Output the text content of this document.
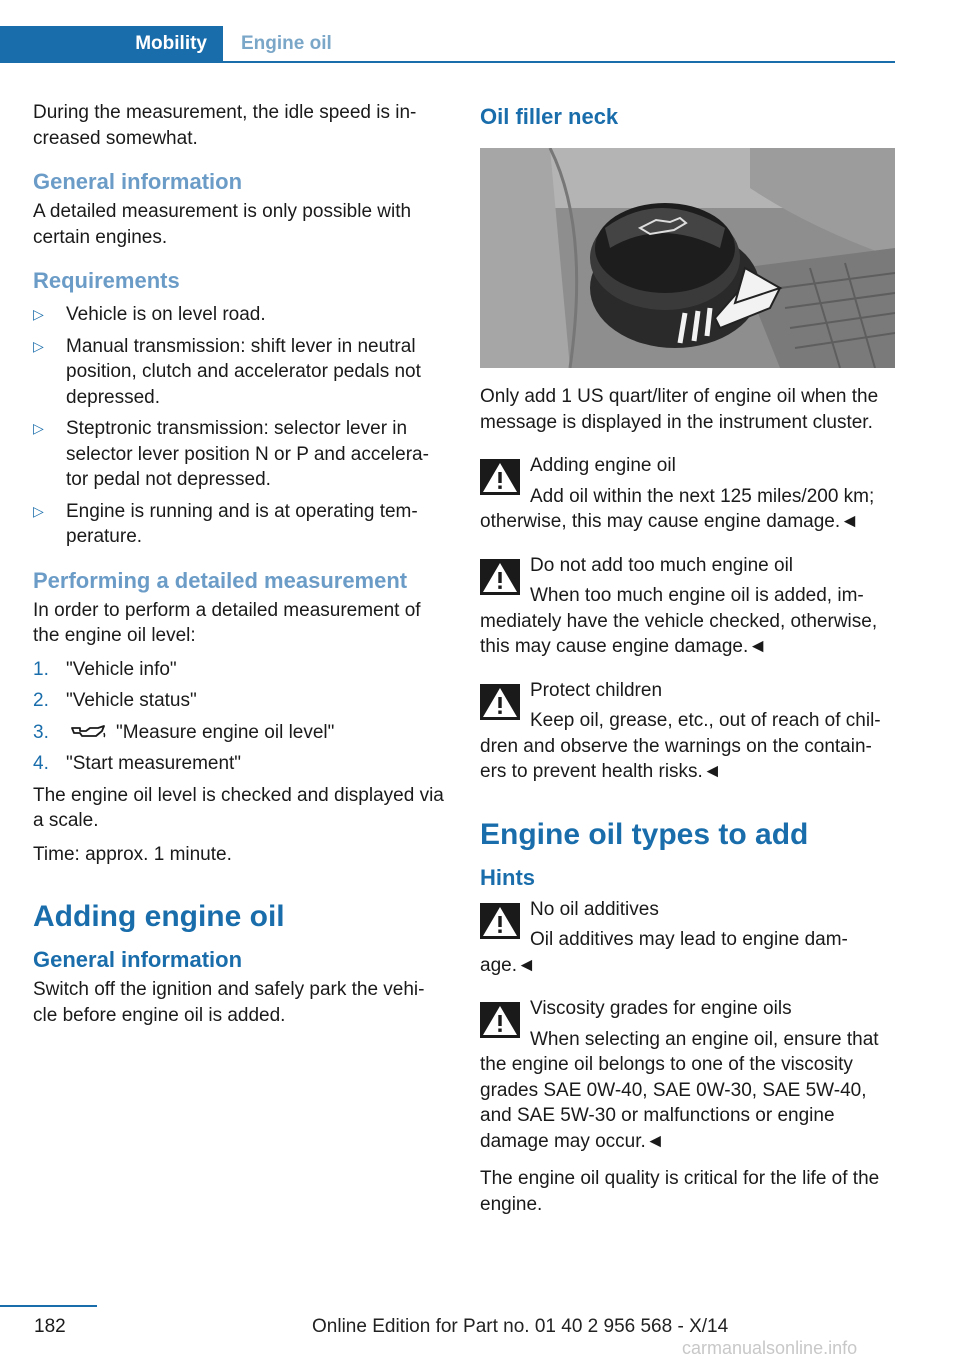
Mobility	Engine oil

During the measurement, the idle speed is in-creased somewhat.

General information

A detailed measurement is only possible with certain engines.

Requirements
▷ Vehicle is on level road.
▷ Manual transmission: shift lever in neutral position, clutch and accelerator pedals not depressed.
▷ Steptronic transmission: selector lever in selector lever position N or P and accelera-tor pedal not depressed.
▷ Engine is running and is at operating tem-perature.
Performing a detailed measurement

In order to perform a detailed measurement of the engine oil level:

1. "Vehicle info"
2. "Vehicle status"
3.	"Measure engine oil level"
4. "Start measurement"

The engine oil level is checked and displayed via a scale.

Time: approx. 1 minute.

Adding engine oil
General information

Switch off the ignition and safely park the vehi-cle before engine oil is added.

Oil filler neck

Only add 1 US quart/liter of engine oil when the message is displayed in the instrument cluster.

Adding engine oil
Add oil within the next 125 miles/200 km;
otherwise, this may cause engine damage.◄
Do not add too much engine oil
When too much engine oil is added, im-
mediately have the vehicle checked, otherwise, this may cause engine damage.◄
Protect children
Keep oil, grease, etc., out of reach of chil-
dren and observe the warnings on the contain-ers to prevent health risks.◄
Engine oil types to add
Hints
No oil additives
Oil additives may lead to engine dam-
age.◄
Viscosity grades for engine oils
When selecting an engine oil, ensure that
the engine oil belongs to one of the viscosity grades SAE 0W-40, SAE 0W-30, SAE 5W-40, and SAE 5W-30 or malfunctions or engine damage may occur.◄

The engine oil quality is critical for the life of the engine.

182	Online Edition for Part no. 01 40 2 956 568 - X/14
carmanualsonline.info
